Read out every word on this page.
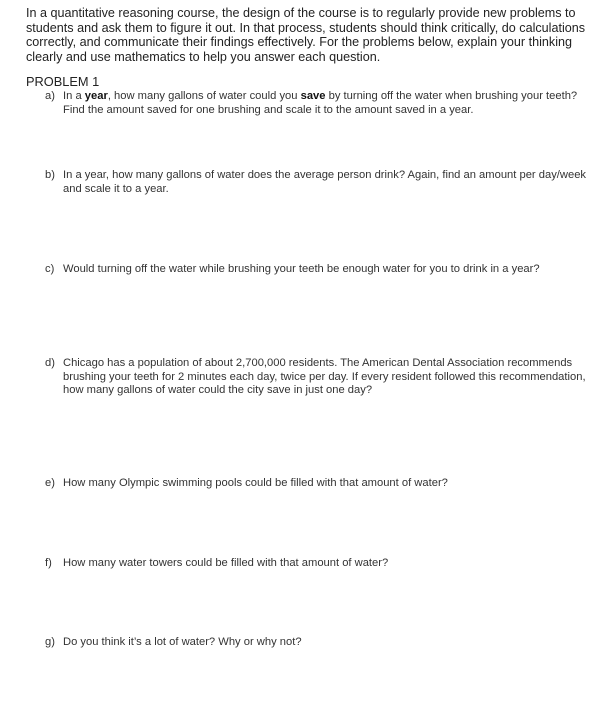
In a quantitative reasoning course, the design of the course is to regularly provide new problems to students and ask them to figure it out. In that process, students should think critically, do calculations correctly, and communicate their findings effectively. For the problems below, explain your thinking clearly and use mathematics to help you answer each question.
PROBLEM 1
a) In a year, how many gallons of water could you save by turning off the water when brushing your teeth? Find the amount saved for one brushing and scale it to the amount saved in a year.
b) In a year, how many gallons of water does the average person drink? Again, find an amount per day/week and scale it to a year.
c) Would turning off the water while brushing your teeth be enough water for you to drink in a year?
d) Chicago has a population of about 2,700,000 residents. The American Dental Association recommends brushing your teeth for 2 minutes each day, twice per day. If every resident followed this recommendation, how many gallons of water could the city save in just one day?
e) How many Olympic swimming pools could be filled with that amount of water?
f) How many water towers could be filled with that amount of water?
g) Do you think it’s a lot of water? Why or why not?
